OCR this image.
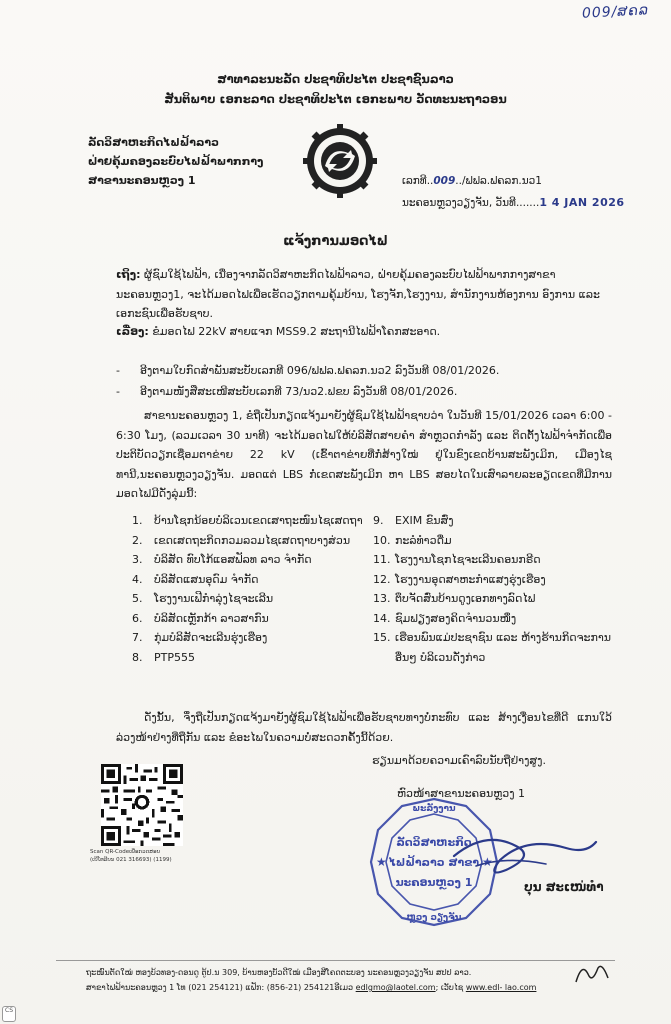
009/ສຄລ
ສາທາລະນະລັດ ປະຊາທິປະໄຕ ປະຊາຊົນລາວ
ສັນຕິພາບ ເອກະລາດ ປະຊາທິປະໄຕ ເອກະພາບ ວັດທະນະຖາວອນ
ລັດວິສາຫະກິດໄຟຟ້າລາວ
ຝ່າຍຄຸ້ມຄອງລະບົບໄຟຟ້າພາກກາງ
ສາຂານະຄອນຫຼວງ 1	ເລກທີ..009../ຟຟລ.ຟຄລກ.ນວ1
ນະຄອນຫຼວງວຽງຈັນ, ວັນທີ.......1 4 JAN 2026
ແຈ້ງການມອດໄຟ
ເຖິງ: ຜູ້ຊົມໃຊ້ໄຟຟ້າ, ເນື່ອງຈາກລັດວິສາຫະກິດໄຟຟ້າລາວ, ຝ່າຍຄຸ້ມຄອງລະບົບໄຟຟ້າພາກກາງສາຂານະຄອນຫຼວງ1, ຈະໄດ້ມອດໄຟເພື່ອເຮັດວຽກຕາມຄຸ້ມບ້ານ, ໂຮງຈັກ,ໂຮງງານ, ສຳນັກງານຫ້ອງການ ອົງການ ແລະ ເອກະຊົນເພື່ອຮັບຊາບ.
ເລື່ອງ: ຂໍມອດໄຟ 22kV ສາຍແຈກ MSS9.2 ສະຖານີໄຟຟ້າໂຄກສະອາດ.
- ອີງຕາມໃບກົດສຳພັນສະບັບເລກທີ 096/ຟຟລ.ຟຄລກ.ນວ2 ລົງວັນທີ 08/01/2026.
- ອີງຕາມໜັງສືສະເໜີສະບັບເລກທີ 73/ນວ2.ຟຂບ ລົງວັນທີ 08/01/2026.
ສາຂານະຄອນຫຼວງ 1, ຂໍຖືເປັນກຽດແຈ້ງມາຍັງຜູ້ຊົມໃຊ້ໄຟຟ້າຊາບວ່າ ໃນວັນທີ 15/01/2026 ເວລາ 6:00 - 6:30 ໂມງ, (ລວມເວລາ 30 ນາທີ) ຈະໄດ້ມອດໄຟໃຫ້ບໍລິສັດສາຍຄຳ ສຳຫຼວດກຳລັງ ແລະ ຕິດຕັ້ງໄຟຟ້າຈຳກັດເພື່ອປະຕິບັດວຽກເຊື່ອມຕາຂ່າຍ 22 kV (ເຂົ້າຕາຂ່າຍທີ່ກໍ່ສ້າງໃໝ່ ຢູ່ໃນຂົງເຂດບ້ານສະພັງເມິກ, ເມືອງໄຊທານີ,ນະຄອນຫຼວງວຽງຈັນ. ມອດແຕ່ LBS ກໍ່ເຂດສະພັງເມິກ ຫາ LBS ສອບໄດໃນເສົາລາຍລະອຽດເຂດທີ່ມີການມອດໄຟມີດັ່ງລຸ່ມນີ້:
1.	ບ້ານໂຊກນ້ອຍບໍລິເວນເຂດເສາຖະໜົນໄຊເສດຖາ
2.	ເຂດເສດຖະກິດກວມລວມໄຊເສດຖາບາງສ່ວນ
3.	ບໍລິສັດ ທົບໂກ້ແອສຟັລທ ລາວ ຈຳກັດ
4.	ບໍລິສັດແສນອຸດົມ ຈຳກັດ
5.	ໂຮງງານເຟີກຳລຸ່ງໄຊຈະເລີນ
6.	ບໍລິສັດເຫຼັກກ້າ ລາວສາກົນ
7.	ກຸ່ມບໍລິສັດຈະເລີນຮຸ່ງເຮືອງ
8.	PTP555
9.	EXIM ຂົນສົ່ງ
10. ກະລໍທຳວດື່ມ
11. ໂຮງງານໂຊກໄຊຈະເລີນຄອນກຣີດ
12. ໂຮງງານອຸດສາຫະກຳແສງຮຸ່ງເຮືອງ
13. ຕຶບຈັດສົ່ນບ້ານດູງເອກທາງລົດໄຟ
14. ຊົມຟຽງສອງຄິດຈຳນວນໜຶ່ງ
15. ເຮືອນພົນແມ່ປະຊາຊົນ ແລະ ຫ້າງຮ້ານກິດຈະການອື່ນໆ ບໍລິເວນດັ່ງກ່າວ
ດັ່ງນັ້ນ, ຈຶ່ງຖືເປັນກຽດແຈ້ງມາຍັງຜູ້ຊົມໃຊ້ໄຟຟ້າເພື່ອຮັບຊາບທາງບໍ່ກະທົບ ແລະ ສ້າງເງື່ອນໄຂທີ່ດີ ແກນໃວ້ລ່ວງໜ້າຢ່າງທີ່ຖືກັນ ແລະ ຂໍອະໄພໃນຄວາມບໍ່ສະດວກຄັ້ງນີ້ດ້ວຍ.
ຮຽນມາດ້ວຍຄວາມເຄົາລົບນັບຖືຢ່າງສູງ.
ຫົວໜ້າສາຂານະຄອນຫຼວງ 1
Scan QR-Codeເພື່ອກວດສອບ
(ເບີໂທລີບນ 021 316693) (1199)
ພະລັງງານ
ລັດວິສາຫະກິດ
ໄຟຟ້າລາວ ສາຂາ
ນະຄອນຫຼວງ 1
ຫຼວງ ວຽງຈັນ
★	★
ບຸນ ສະເໜ່ທຳ
ຖະໜົນຕັດໃໝ່ ຫອງບ້ວທອງ-ດອນດູ ຕູ້ປ.ນ 309, ບ້ານຫອງບັວດີໃໝ່ ເມືອງສີໂຄດຕະບອງ ນະຄອນຫຼວງວຽງຈັນ ສປປ ລາວ.
ສາຂາໄຟຟ້ານະຄອນຫຼວງ 1 ໂທ (021 254121) ແຟັກ: (856-21) 254121ອີເມວ edlgmo@laotel.com; ເວັບໄຊ www.edl- lao.com
CS
